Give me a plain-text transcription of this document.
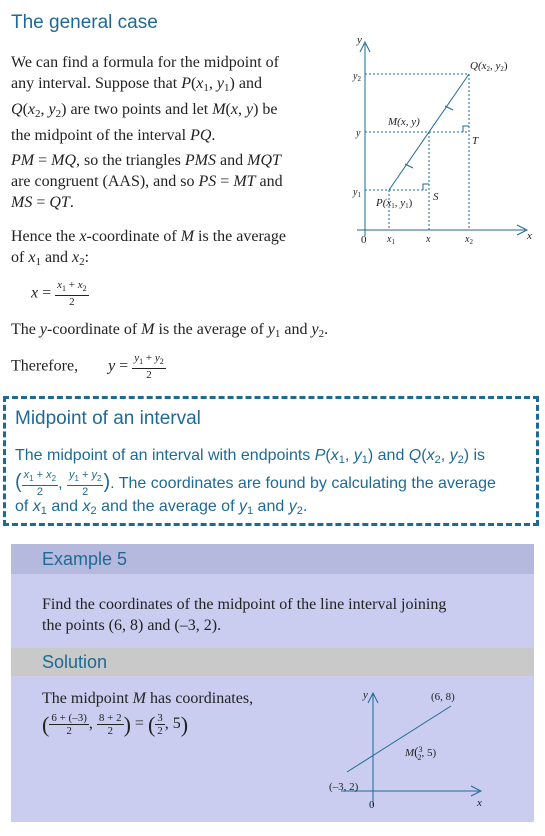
The general case
We can find a formula for the midpoint of
any interval. Suppose that $P(x_1$, $y_1$) and
$Q(x_2$, $y_2$) are two points and let M(x, y) be
the midpoint of the interval PQ.
PM = MQ, so the triangles PMS and MQT
are congruent (AAS), and so PS = MT and
MS = QT.
Hence the x-coordinate of M is the average
of $x_1$ and $x_2$:
$x = \frac{x_1 + x_2}{2}$
The y-coordinate of M is the average of $y_1$ and $y_2$.
Therefore, $y = \frac{y_1 + y_2}{2}$
y
x
0
$y_2$
y
$y_1$
$x_1$	x	$x_2$
Q(x2, y2)
M(x, y)
P(x1, y1) S
T
Midpoint of an interval
The midpoint of an interval with endpoints $P(x_1$, $y_1$) and $Q(x_2$, $y_2$) is
( $\frac{x_1 + x_2}{2}$ , $\frac{y_1 + y_2}{2}$ ). The coordinates are found by calculating the average
of $x_1$ and $x_2$ and the average of $y_1$ and $y_2$.
Example 5
Find the coordinates of the midpoint of the line interval joining
the points (6, 8) and (–3, 2).
Solution
The midpoint M has coordinates,
( $\frac{6 + (-3)}{2}$ , $\frac{8 + 2}{2}$ ) = ( $\frac{3}{2}$ , 5)
y
x
0
(6, 8)
(–3, 2)
M($^3$ 2, 5)
